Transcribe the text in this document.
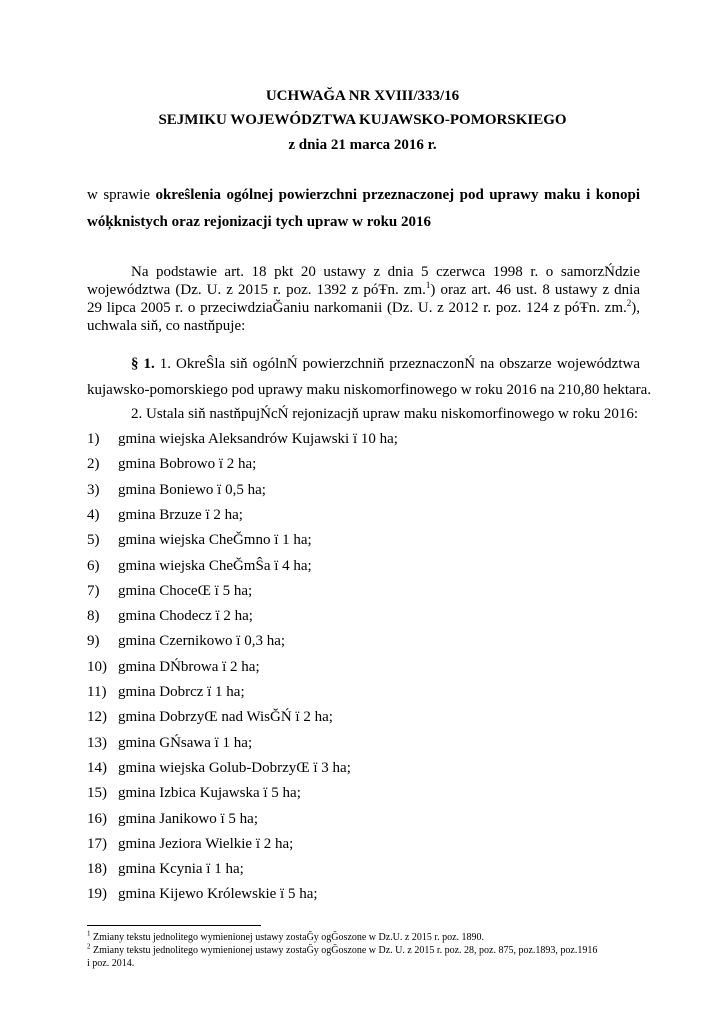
UCHWAĞA NR XVIII/333/16
SEJMIKU WOJEWÓDZTWA KUJAWSKO-POMORSKIEGO
z dnia 21 marca 2016 r.
w sprawie okreŝlenia ogólnej powierzchni przeznaczonej pod uprawy maku i konopi
wóķknistych oraz rejonizacji tych upraw w roku 2016
Na podstawie art. 18 pkt 20 ustawy z dnia 5 czerwca 1998 r. o samorzŃdzie
województwa (Dz. U. z 2015 r. poz. 1392 z póŦn. zm.$^1$) oraz art. 46 ust. 8 ustawy z dnia
29 lipca 2005 r. o przeciwdziaĞaniu narkomanii (Dz. U. z 2012 r. poz. 124 z póŦn. zm.$^2$),
uchwala siň, co nastňpuje:
§ 1. 1. OkreŜla siň ogólnŃ powierzchniň przeznaczonŃ na obszarze województwa
kujawsko-pomorskiego pod uprawy maku niskomorfinowego w roku 2016 na 210,80 hektara.
2. Ustala siň nastňpujŃcŃ rejonizacjň upraw maku niskomorfinowego w roku 2016:
1) gmina wiejska Aleksandrów Kujawski ï 10 ha;
2) gmina Bobrowo ï 2 ha;
3) gmina Boniewo ï 0,5 ha;
4) gmina Brzuze ï 2 ha;
5) gmina wiejska CheĞmno ï 1 ha;
6) gmina wiejska CheĞmŜa ï 4 ha;
7) gmina ChoceŒ ï 5 ha;
8) gmina Chodecz ï 2 ha;
9) gmina Czernikowo ï 0,3 ha;
10) gmina DŃbrowa ï 2 ha;
11) gmina Dobrcz ï 1 ha;
12) gmina DobrzyŒ nad WisĞŃ ï 2 ha;
13) gmina GŃsawa ï 1 ha;
14) gmina wiejska Golub-DobrzyŒ ï 3 ha;
15) gmina Izbica Kujawska ï 5 ha;
16) gmina Janikowo ï 5 ha;
17) gmina Jeziora Wielkie ï 2 ha;
18) gmina Kcynia ï 1 ha;
19) gmina Kijewo Królewskie ï 5 ha;
$^1$ Zmiany tekstu jednolitego wymienionej ustawy zostaĞy ogĞoszone w Dz.U. z 2015 r. poz. 1890.
$^2$ Zmiany tekstu jednolitego wymienionej ustawy zostaĞy ogĞoszone w Dz. U. z 2015 r. poz. 28, poz. 875, poz.1893, poz.1916
i poz. 2014.
